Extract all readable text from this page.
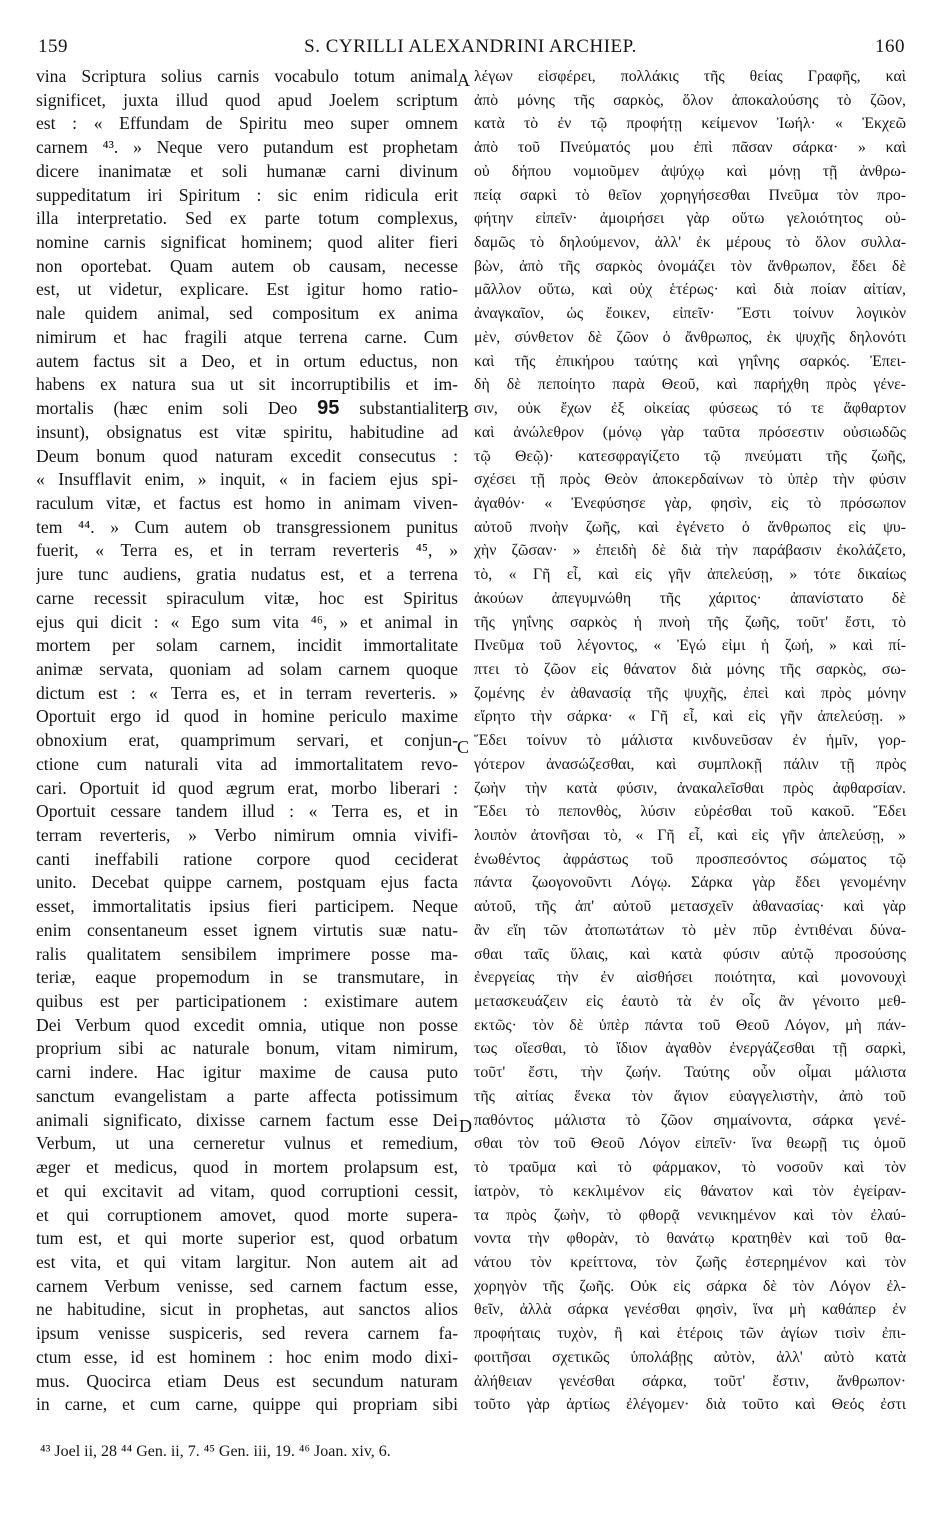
159	S. CYRILLI ALEXANDRINI ARCHIEP.	160
vina Scriptura solius carnis vocabulo totum animal
significet, juxta illud quod apud Joelem scriptum
est : « Effundam de Spiritu meo super omnem
carnem ⁴³. » Neque vero putandum est prophetam
dicere inanimatæ et soli humanæ carni divinum
suppeditatum iri Spiritum : sic enim ridicula erit
illa interpretatio. Sed ex parte totum complexus,
nomine carnis significat hominem; quod aliter fieri
non oportebat. Quam autem ob causam, necesse
est, ut videtur, explicare. Est igitur homo ratio-
nale quidem animal, sed compositum ex anima
nimirum et hac fragili atque terrena carne. Cum
autem factus sit a Deo, et in ortum eductus, non
habens ex natura sua ut sit incorruptibilis et im-
mortalis (hæc enim soli Deo 95 substantialiter
insunt), obsignatus est vitæ spiritu, habitudine ad
Deum bonum quod naturam excedit consecutus :
« Insufflavit enim, » inquit, « in faciem ejus spi-
raculum vitæ, et factus est homo in animam viven-
tem ⁴⁴. » Cum autem ob transgressionem punitus
fuerit, « Terra es, et in terram reverteris ⁴⁵, »
jure tunc audiens, gratia nudatus est, et a terrena
carne recessit spiraculum vitæ, hoc est Spiritus
ejus qui dicit : « Ego sum vita ⁴⁶, » et animal in
mortem per solam carnem, incidit immortalitate
animæ servata, quoniam ad solam carnem quoque
dictum est : « Terra es, et in terram reverteris. »
Oportuit ergo id quod in homine periculo maxime
obnoxium erat, quamprimum servari, et conjun-
ctione cum naturali vita ad immortalitatem revo-
cari. Oportuit id quod ægrum erat, morbo liberari :
Oportuit cessare tandem illud : « Terra es, et in
terram reverteris, » Verbo nimirum omnia vivifi-
canti ineffabili ratione corpore quod ceciderat
unito. Decebat quippe carnem, postquam ejus facta
esset, immortalitatis ipsius fieri participem. Neque
enim consentaneum esset ignem virtutis suæ natu-
ralis qualitatem sensibilem imprimere posse ma-
teriæ, eaque propemodum in se transmutare, in
quibus est per participationem : existimare autem
Dei Verbum quod excedit omnia, utique non posse
proprium sibi ac naturale bonum, vitam nimirum,
carni indere. Hac igitur maxime de causa puto
sanctum evangelistam a parte affecta potissimum
animali significato, dixisse carnem factum esse Dei
Verbum, ut una cerneretur vulnus et remedium,
æger et medicus, quod in mortem prolapsum est,
et qui excitavit ad vitam, quod corruptioni cessit,
et qui corruptionem amovet, quod morte supera-
tum est, et qui morte superior est, quod orbatum
est vita, et qui vitam largitur. Non autem ait ad
carnem Verbum venisse, sed carnem factum esse,
ne habitudine, sicut in prophetas, aut sanctos alios
ipsum venisse suspiceris, sed revera carnem fa-
ctum esse, id est hominem : hoc enim modo dixi-
mus. Quocirca etiam Deus est secundum naturam
in carne, et cum carne, quippe qui propriam sibi
λέγων εἰσφέρει, πολλάκις τῆς θείας Γραφῆς, καὶ
ἀπὸ μόνης τῆς σαρκὸς, ὅλον ἀποκαλούσης τὸ ζῶον,
κατὰ τὸ ἐν τῷ προφήτῃ κείμενον Ἰωήλ· « Ἐκχεῶ
ἀπὸ τοῦ Πνεύματός μου ἐπὶ πᾶσαν σάρκα· » καὶ
οὐ δήπου νομιοῦμεν ἀψύχῳ καὶ μόνῃ τῇ ἀνθρω-
πείᾳ σαρκὶ τὸ θεῖον χορηγήσεσθαι Πνεῦμα τὸν προ-
φήτην εἰπεῖν· ἀμοιρήσει γὰρ οὕτω γελοιότητος οὐ-
δαμῶς τὸ δηλούμενον, ἀλλ' ἐκ μέρους τὸ ὅλον συλλα-
βὼν, ἀπὸ τῆς σαρκὸς ὀνομάζει τὸν ἄνθρωπον, ἔδει δὲ
μᾶλλον οὕτω, καὶ οὐχ ἑτέρως· καὶ διὰ ποίαν αἰτίαν,
ἀναγκαῖον, ὡς ἔοικεν, εἰπεῖν· Ἔστι τοίνυν λογικὸν
μὲν, σύνθετον δὲ ζῶον ὁ ἄνθρωπος, ἐκ ψυχῆς δηλονότι
καὶ τῆς ἐπικήρου ταύτης καὶ γηΐνης σαρκός. Ἐπει-
δὴ δὲ πεποίητο παρὰ Θεοῦ, καὶ παρήχθη πρὸς γένε-
σιν, οὐκ ἔχων ἐξ οἰκείας φύσεως τό τε ἄφθαρτον
καὶ ἀνώλεθρον (μόνῳ γὰρ ταῦτα πρόσεστιν οὐσιωδῶς
τῷ Θεῷ)· κατεσφραγίζετο τῷ πνεύματι τῆς ζωῆς,
σχέσει τῇ πρὸς Θεὸν ἀποκερδαίνων τὸ ὑπὲρ τὴν φύσιν
ἀγαθόν· « Ἐνεφύσησε γὰρ, φησὶν, εἰς τὸ πρόσωπον
αὐτοῦ πνοὴν ζωῆς, καὶ ἐγένετο ὁ ἄνθρωπος εἰς ψυ-
χὴν ζῶσαν· » ἐπειδὴ δὲ διὰ τὴν παράβασιν ἐκολάζετο,
τὸ, « Γῆ εἶ, καὶ εἰς γῆν ἀπελεύσῃ, » τότε δικαίως
ἀκούων ἀπεγυμνώθη τῆς χάριτος· ἀπανίστατο δὲ
τῆς γηΐνης σαρκὸς ἡ πνοὴ τῆς ζωῆς, τοῦτ' ἔστι, τὸ
Πνεῦμα τοῦ λέγοντος, « Ἐγώ εἰμι ἡ ζωή, » καὶ πί-
πτει τὸ ζῶον εἰς θάνατον διὰ μόνης τῆς σαρκὸς, σω-
ζομένης ἐν ἀθανασίᾳ τῆς ψυχῆς, ἐπεὶ καὶ πρὸς μόνην
εἴρητο τὴν σάρκα· « Γῆ εἶ, καὶ εἰς γῆν ἀπελεύσῃ. »
Ἔδει τοίνυν τὸ μάλιστα κινδυνεῦσαν ἐν ἡμῖν, γορ-
γότερον ἀνασώζεσθαι, καὶ συμπλοκῇ πάλιν τῇ πρὸς
ζωὴν τὴν κατὰ φύσιν, ἀνακαλεῖσθαι πρὸς ἀφθαρσίαν.
Ἔδει τὸ πεπονθὸς, λύσιν εὑρέσθαι τοῦ κακοῦ. Ἔδει
λοιπὸν ἀτονῆσαι τὸ, « Γῆ εἶ, καὶ εἰς γῆν ἀπελεύσῃ, »
ἑνωθέντος ἀφράστως τοῦ προσπεσόντος σώματος τῷ
πάντα ζωογονοῦντι Λόγῳ. Σάρκα γὰρ ἔδει γενομένην
αὐτοῦ, τῆς ἀπ' αὐτοῦ μετασχεῖν ἀθανασίας· καὶ γὰρ
ἂν εἴη τῶν ἀτοπωτάτων τὸ μὲν πῦρ ἐντιθέναι δύνα-
σθαι ταῖς ὕλαις, καὶ κατὰ φύσιν αὐτῷ προσούσης
ἐνεργείας τὴν ἐν αἰσθήσει ποιότητα, καὶ μονονουχὶ
μετασκευάζειν εἰς ἑαυτὸ τὰ ἐν οἷς ἂν γένοιτο μεθ-
εκτῶς· τὸν δὲ ὑπὲρ πάντα τοῦ Θεοῦ Λόγον, μὴ πάν-
τως οἴεσθαι, τὸ ἴδιον ἀγαθὸν ἐνεργάζεσθαι τῇ σαρκὶ,
τοῦτ' ἔστι, τὴν ζωήν. Ταύτης οὖν οἶμαι μάλιστα
τῆς αἰτίας ἕνεκα τὸν ἅγιον εὐαγγελιστὴν, ἀπὸ τοῦ
παθόντος μάλιστα τὸ ζῶον σημαίνοντα, σάρκα γενέ-
σθαι τὸν τοῦ Θεοῦ Λόγον εἰπεῖν· ἵνα θεωρῇ τις ὁμοῦ
τὸ τραῦμα καὶ τὸ φάρμακον, τὸ νοσοῦν καὶ τὸν
ἰατρὸν, τὸ κεκλιμένον εἰς θάνατον καὶ τὸν ἐγείραν-
τα πρὸς ζωὴν, τὸ φθορᾷ νενικημένον καὶ τὸν ἐλαύ-
νοντα τὴν φθορὰν, τὸ θανάτῳ κρατηθὲν καὶ τοῦ θα-
νάτου τὸν κρείττονα, τὸν ζωῆς ἐστερημένον καὶ τὸν
χορηγὸν τῆς ζωῆς. Οὐκ εἰς σάρκα δὲ τὸν Λόγον ἐλ-
θεῖν, ἀλλὰ σάρκα γενέσθαι φησὶν, ἵνα μὴ καθάπερ ἐν
προφήταις τυχὸν, ἢ καὶ ἑτέροις τῶν ἁγίων τισὶν ἐπι-
φοιτῆσαι σχετικῶς ὑπολάβῃς αὐτὸν, ἀλλ' αὐτὸ κατὰ
ἀλήθειαν γενέσθαι σάρκα, τοῦτ' ἔστιν, ἄνθρωπον·
τοῦτο γὰρ ἀρτίως ἐλέγομεν· διὰ τοῦτο καὶ Θεός ἐστι
A
B
C
D
⁴³ Joel ii, 28 ⁴⁴ Gen. ii, 7. ⁴⁵ Gen. iii, 19. ⁴⁶ Joan. xiv, 6.
